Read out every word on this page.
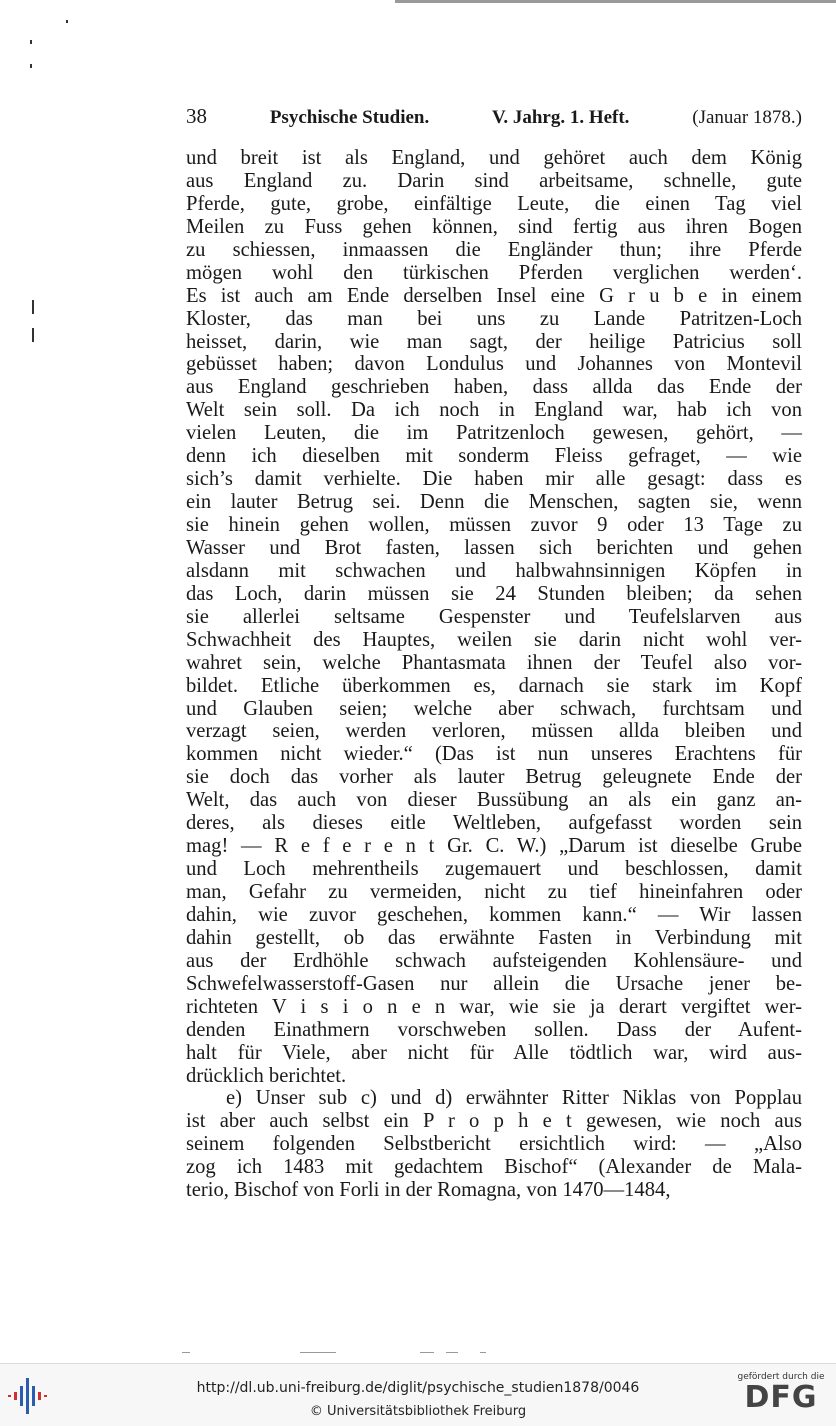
38	Psychische Studien.	V. Jahrg. 1. Heft.	(Januar 1878.)
und breit ist als England, und gehöret auch dem König
aus England zu. Darin sind arbeitsame, schnelle, gute
Pferde, gute, grobe, einfältige Leute, die einen Tag viel
Meilen zu Fuss gehen können, sind fertig aus ihren Bogen
zu schiessen, inmaassen die Engländer thun; ihre Pferde
mögen wohl den türkischen Pferden verglichen werden‘.
Es ist auch am Ende derselben Insel eine G r u b e in einem
Kloster, das man bei uns zu Lande Patritzen-Loch
heisset, darin, wie man sagt, der heilige Patricius soll
gebüsset haben; davon Londulus und Johannes von Montevil
aus England geschrieben haben, dass allda das Ende der
Welt sein soll. Da ich noch in England war, hab ich von
vielen Leuten, die im Patritzenloch gewesen, gehört, —
denn ich dieselben mit sonderm Fleiss gefraget, — wie
sich’s damit verhielte. Die haben mir alle gesagt: dass es
ein lauter Betrug sei. Denn die Menschen, sagten sie, wenn
sie hinein gehen wollen, müssen zuvor 9 oder 13 Tage zu
Wasser und Brot fasten, lassen sich berichten und gehen
alsdann mit schwachen und halbwahnsinnigen Köpfen in
das Loch, darin müssen sie 24 Stunden bleiben; da sehen
sie allerlei seltsame Gespenster und Teufelslarven aus
Schwachheit des Hauptes, weilen sie darin nicht wohl ver-
wahret sein, welche Phantasmata ihnen der Teufel also vor-
bildet. Etliche überkommen es, darnach sie stark im Kopf
und Glauben seien; welche aber schwach, furchtsam und
verzagt seien, werden verloren, müssen allda bleiben und
kommen nicht wieder.“ (Das ist nun unseres Erachtens für
sie doch das vorher als lauter Betrug geleugnete Ende der
Welt, das auch von dieser Bussübung an als ein ganz an-
deres, als dieses eitle Weltleben, aufgefasst worden sein
mag! — R e f e r e n t Gr. C. W.) „Darum ist dieselbe Grube
und Loch mehrentheils zugemauert und beschlossen, damit
man, Gefahr zu vermeiden, nicht zu tief hineinfahren oder
dahin, wie zuvor geschehen, kommen kann.“ — Wir lassen
dahin gestellt, ob das erwähnte Fasten in Verbindung mit
aus der Erdhöhle schwach aufsteigenden Kohlensäure- und
Schwefelwasserstoff-Gasen nur allein die Ursache jener be-
richteten V i s i o n e n war, wie sie ja derart vergiftet wer-
denden Einathmern vorschweben sollen. Dass der Aufent-
halt für Viele, aber nicht für Alle tödtlich war, wird aus-
drücklich berichtet.
e) Unser sub c) und d) erwähnter Ritter Niklas von Popplau
ist aber auch selbst ein P r o p h e t gewesen, wie noch aus
seinem folgenden Selbstbericht ersichtlich wird: — „Also
zog ich 1483 mit gedachtem Bischof“ (Alexander de Mala-
terio, Bischof von Forli in der Romagna, von 1470—1484,
http://dl.ub.uni-freiburg.de/diglit/psychische_studien1878/0046
© Universitätsbibliothek Freiburg
gefördert durch die
DFG
